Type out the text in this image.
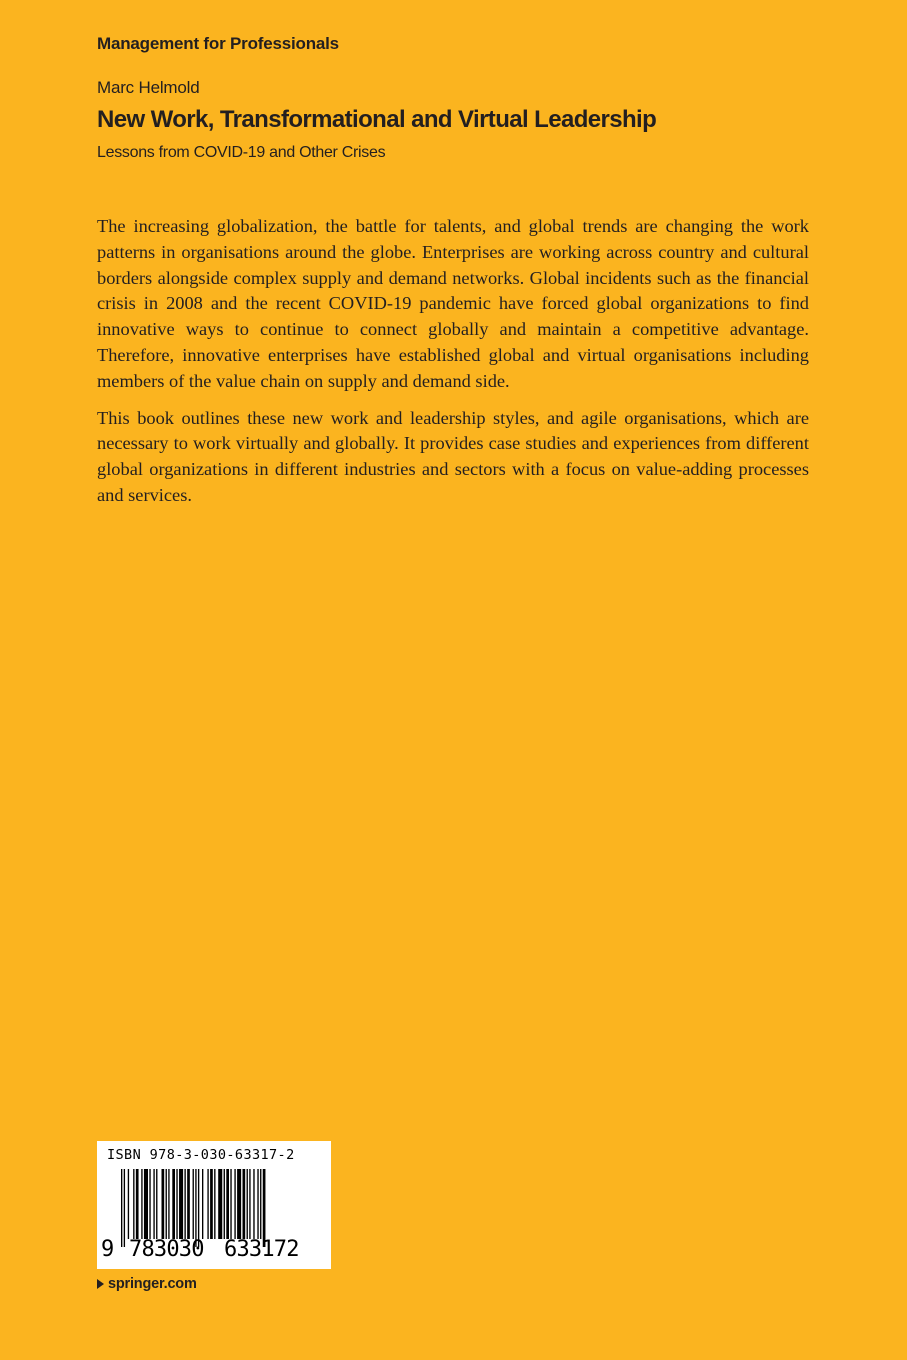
Management for Professionals
Marc Helmold
New Work, Transformational and Virtual Leadership
Lessons from COVID-19 and Other Crises

The increasing globalization, the battle for talents, and global trends are changing the work patterns in organisations around the globe. Enterprises are working across country and cultural borders alongside complex supply and demand networks. Global incidents such as the financial crisis in 2008 and the recent COVID-19 pandemic have forced global organizations to find innovative ways to continue to connect globally and maintain a competitive advantage. Therefore, innovative enterprises have established global and virtual organisations including members of the value chain on supply and demand side.

This book outlines these new work and leadership styles, and agile organisations, which are necessary to work virtually and globally. It provides case studies and experiences from different global organizations in different industries and sectors with a focus on value-adding processes and services.

ISBN 978-3-030-63317-2
9 783030 633172
springer.com
